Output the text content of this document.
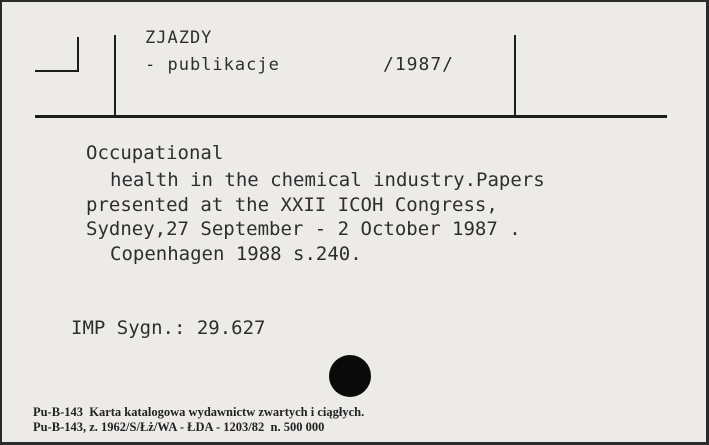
ZJAZDY
- publikacje	/1987/
Occupational
health in the chemical industry.Papers
presented at the XXII ICOH Congress,
Sydney,27 September - 2 October 1987 .
Copenhagen 1988 s.240.
IMP Sygn.: 29.627
Pu-B-143  Karta katalogowa wydawnictw zwartych i ciągłych.
Pu-B-143, z. 1962/S/Łż/WA - ŁDA - 1203/82  n. 500 000
